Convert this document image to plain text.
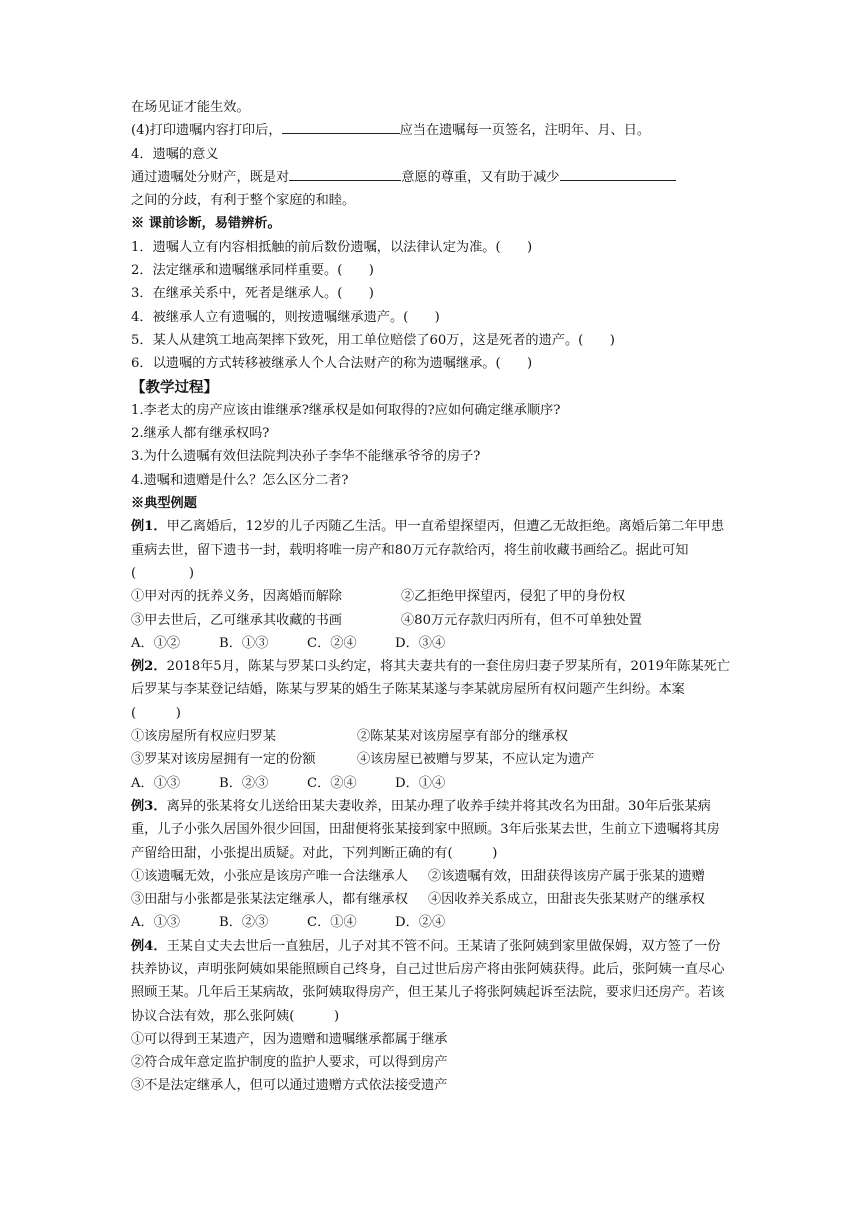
在场见证才能生效。
(4)打印遗嘱内容打印后，	应当在遗嘱每一页签名，注明年、月、日。
4．遗嘱的意义
通过遗嘱处分财产，既是对	意愿的尊重，又有助于减少
之间的分歧，有利于整个家庭的和睦。
※ 课前诊断，易错辨析。
1．遗嘱人立有内容相抵触的前后数份遗嘱，以法律认定为准。(　　)
2．法定继承和遗嘱继承同样重要。(　　)
3．在继承关系中，死者是继承人。(　　)
4．被继承人立有遗嘱的，则按遗嘱继承遗产。(　　)
5．某人从建筑工地高架摔下致死，用工单位赔偿了60万，这是死者的遗产。(　　)
6．以遗嘱的方式转移被继承人个人合法财产的称为遗嘱继承。(　　)
【教学过程】
1.李老太的房产应该由谁继承?继承权是如何取得的?应如何确定继承顺序?
2.继承人都有继承权吗?
3.为什么遗嘱有效但法院判决孙子李华不能继承爷爷的房子?
4.遗嘱和遗赠是什么？怎么区分二者?
※典型例题
例1．甲乙离婚后，12岁的儿子丙随乙生活。甲一直希望探望丙，但遭乙无故拒绝。离婚后第二年甲患重病去世，留下遗书一封，载明将唯一房产和80万元存款给丙，将生前收藏书画给乙。据此可知(　　　　)
①甲对丙的抚养义务，因离婚而解除	②乙拒绝甲探望丙，侵犯了甲的身份权
③甲去世后，乙可继承其收藏的书画	④80万元存款归丙所有，但不可单独处置
A．①②	B．①③	C．②④	D．③④
例2．2018年5月，陈某与罗某口头约定，将其夫妻共有的一套住房归妻子罗某所有，2019年陈某死亡后罗某与李某登记结婚，陈某与罗某的婚生子陈某某遂与李某就房屋所有权问题产生纠纷。本案(　　　)
①该房屋所有权应归罗某	②陈某某对该房屋享有部分的继承权
③罗某对该房屋拥有一定的份额	④该房屋已被赠与罗某，不应认定为遗产
A．①③	B．②③	C．②④	D．①④
例3．离异的张某将女儿送给田某夫妻收养，田某办理了收养手续并将其改名为田甜。30年后张某病重，儿子小张久居国外很少回国，田甜便将张某接到家中照顾。3年后张某去世，生前立下遗嘱将其房产留给田甜，小张提出质疑。对此，下列判断正确的有(　　　)
①该遗嘱无效，小张应是该房产唯一合法继承人 ②该遗嘱有效，田甜获得该房产属于张某的遗赠
③田甜与小张都是张某法定继承人，都有继承权 ④因收养关系成立，田甜丧失张某财产的继承权
A．①③	B．②③	C．①④	D．②④
例4．王某自丈夫去世后一直独居，儿子对其不管不问。王某请了张阿姨到家里做保姆，双方签了一份扶养协议，声明张阿姨如果能照顾自己终身，自己过世后房产将由张阿姨获得。此后，张阿姨一直尽心照顾王某。几年后王某病故，张阿姨取得房产，但王某儿子将张阿姨起诉至法院，要求归还房产。若该协议合法有效，那么张阿姨(　　　)
①可以得到王某遗产，因为遗赠和遗嘱继承都属于继承
②符合成年意定监护制度的监护人要求，可以得到房产
③不是法定继承人，但可以通过遗赠方式依法接受遗产
